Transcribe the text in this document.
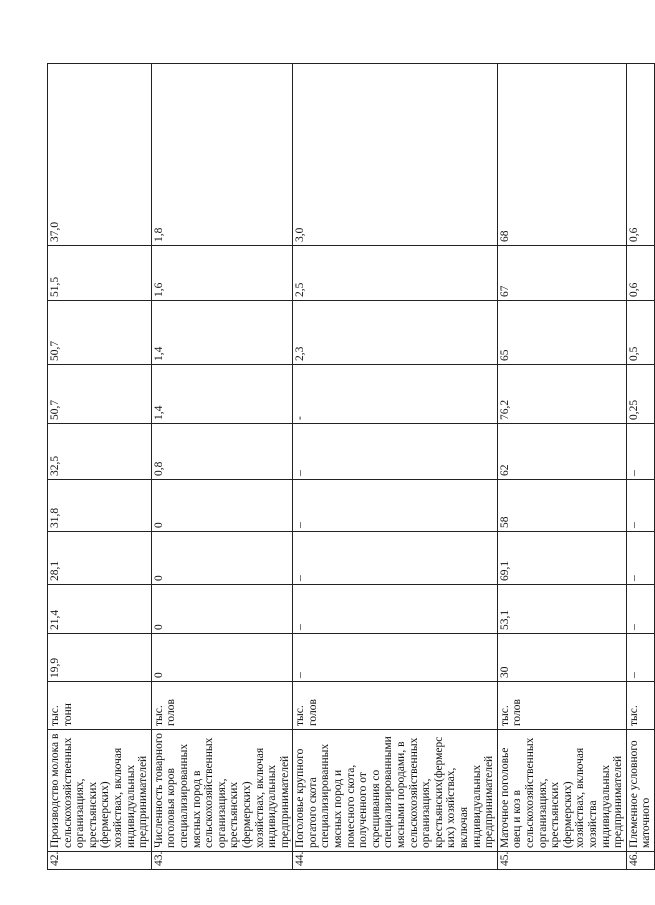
42.	Производство молока в сельскохозяйственных организациях, крестьянских (фермерских) хозяйствах, включая индивидуальных предпринимателей	тыс. тонн	19,9	21,4	28,1	31,8	32,5	50,7	50,7	51,5	37,0
43.	Численность товарного поголовья коров специализированных мясных пород в сельскохозяйственных организациях, крестьянских (фермерских) хозяйствах, включая индивидуальных предпринимателей	тыс. голов	0	0	0	0	0,8	1,4	1,4	1,6	1,8
44.	Поголовье крупного рогатого скота специализированных мясных пород и помесного скота, полученного от скрещивания со специализированными мясными породами, в сельскохозяйственных организациях, крестьянских(фермерских) хозяйствах, включая индивидуальных предпринимателей	тыс. голов	–	–	–	–	–	-	2,3	2,5	3,0
45.	Маточное поголовье овец и коз в сельскохозяйственных организациях, крестьянских (фермерских) хозяйствах, включая хозяйства индивидуальных предпринимателей	тыс. голов	30	53,1	69,1	58	62	76,2	65	67	68
46.	Племенное условного маточного	тыс.	–	–	–	–	–	0,25	0,5	0,6	0,6
